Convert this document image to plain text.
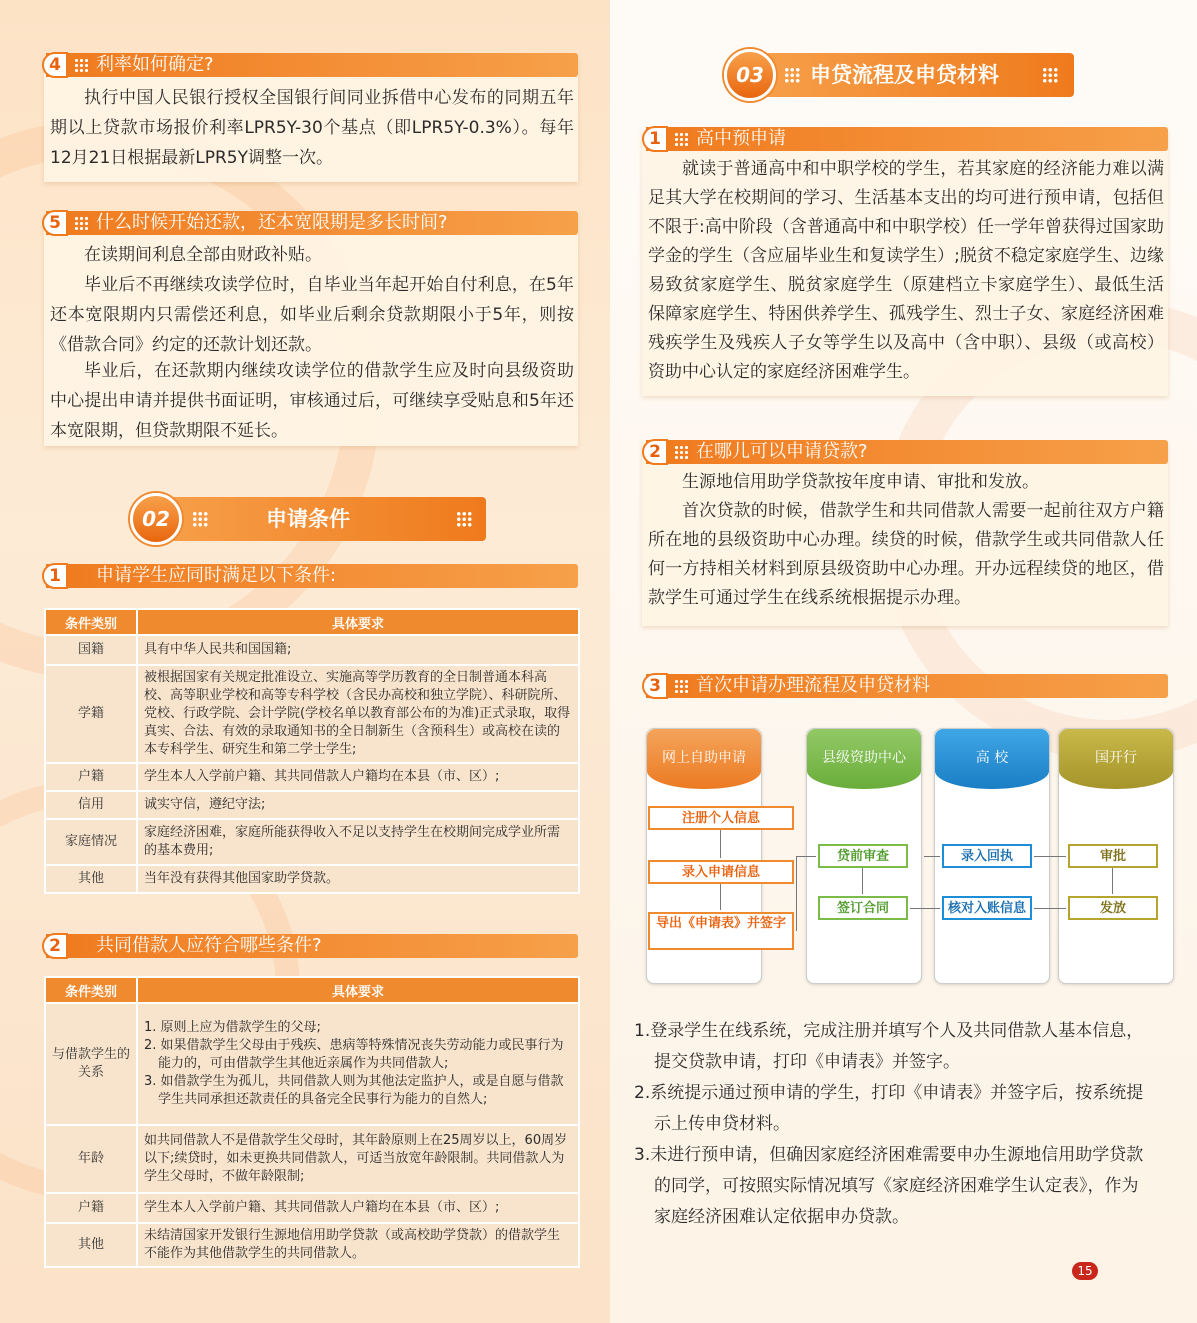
4	利率如何确定?
执行中国人民银行授权全国银行间同业拆借中心发布的同期五年期以上贷款市场报价利率LPR5Y-30个基点（即LPR5Y-0.3%）。每年12月21日根据最新LPR5Y调整一次。
5	什么时候开始还款，还本宽限期是多长时间?
在读期间利息全部由财政补贴。
毕业后不再继续攻读学位时，自毕业当年起开始自付利息，在5年还本宽限期内只需偿还利息，如毕业后剩余贷款期限小于5年，则按《借款合同》约定的还款计划还款。
毕业后，在还款期内继续攻读学位的借款学生应及时向县级资助中心提出申请并提供书面证明，审核通过后，可继续享受贴息和5年还本宽限期，但贷款期限不延长。
02	申请条件
1	申请学生应同时满足以下条件:
条件类别	具体要求
国籍	具有中华人民共和国国籍;
学籍	被根据国家有关规定批准设立、实施高等学历教育的全日制普通本科高校、高等职业学校和高等专科学校（含民办高校和独立学院）、科研院所、党校、行政学院、会计学院(学校名单以教育部公布的为准)正式录取，取得真实、合法、有效的录取通知书的全日制新生（含预科生）或高校在读的本专科学生、研究生和第二学士学生;
户籍	学生本人入学前户籍、其共同借款人户籍均在本县（市、区）;
信用	诚实守信，遵纪守法;
家庭情况	家庭经济困难，家庭所能获得收入不足以支持学生在校期间完成学业所需的基本费用;
其他	当年没有获得其他国家助学贷款。
2	共同借款人应符合哪些条件?
条件类别	具体要求
与借款学生的关系	1. 原则上应为借款学生的父母;
2. 如果借款学生父母由于残疾、患病等特殊情况丧失劳动能力或民事行为能力的，可由借款学生其他近亲属作为共同借款人;
3. 如借款学生为孤儿，共同借款人则为其他法定监护人，或是自愿与借款学生共同承担还款责任的具备完全民事行为能力的自然人;

年龄	如共同借款人不是借款学生父母时，其年龄原则上在25周岁以上，60周岁以下;续贷时，如未更换共同借款人，可适当放宽年龄限制。共同借款人为学生父母时，不做年龄限制;
户籍	学生本人入学前户籍、其共同借款人户籍均在本县（市、区）;
其他	未结清国家开发银行生源地信用助学贷款（或高校助学贷款）的借款学生不能作为其他借款学生的共同借款人。
03	申贷流程及申贷材料
1	高中预申请
就读于普通高中和中职学校的学生，若其家庭的经济能力难以满足其大学在校期间的学习、生活基本支出的均可进行预申请，包括但不限于:高中阶段（含普通高中和中职学校）任一学年曾获得过国家助学金的学生（含应届毕业生和复读学生）;脱贫不稳定家庭学生、边缘易致贫家庭学生、脱贫家庭学生（原建档立卡家庭学生）、最低生活保障家庭学生、特困供养学生、孤残学生、烈士子女、家庭经济困难残疾学生及残疾人子女等学生以及高中（含中职）、县级（或高校）资助中心认定的家庭经济困难学生。
2	在哪儿可以申请贷款?
生源地信用助学贷款按年度申请、审批和发放。
首次贷款的时候，借款学生和共同借款人需要一起前往双方户籍所在地的县级资助中心办理。续贷的时候，借款学生或共同借款人任何一方持相关材料到原县级资助中心办理。开办远程续贷的地区，借款学生可通过学生在线系统根据提示办理。
3	首次申请办理流程及申贷材料
网上自助申请	县级资助中心	高 校	国开行
注册个人信息
录入申请信息
导出《申请表》并签字
贷前审查
签订合同
录入回执
核对入账信息
审批
发放
1.登录学生在线系统，完成注册并填写个人及共同借款人基本信息，
提交贷款申请，打印《申请表》并签字。
2.系统提示通过预申请的学生，打印《申请表》并签字后，按系统提
示上传申贷材料。
3.未进行预申请，但确因家庭经济困难需要申办生源地信用助学贷款
的同学，可按照实际情况填写《家庭经济困难学生认定表》，作为
家庭经济困难认定依据申办贷款。
15
